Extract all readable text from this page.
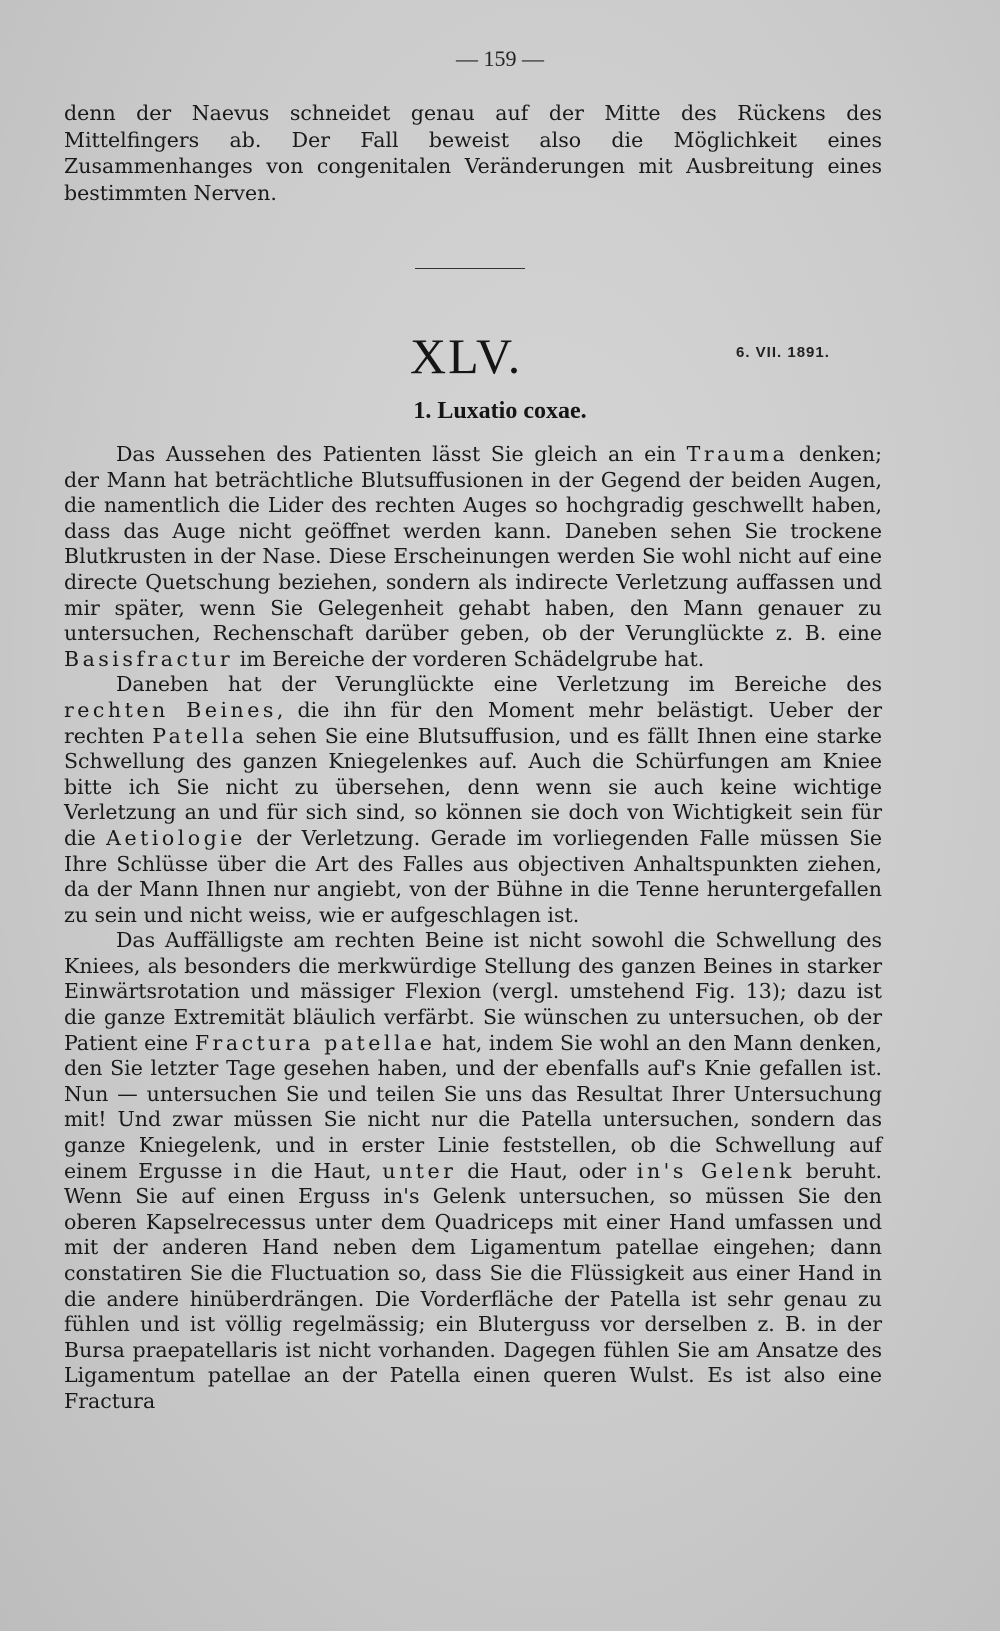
— 159 —

denn der Naevus schneidet genau auf der Mitte des Rückens des Mittelfingers ab. Der Fall beweist also die Möglichkeit eines Zusammenhanges von congenitalen Veränderungen mit Ausbreitung eines bestimmten Nerven.

XLV.	6. VII. 1891.
1. Luxatio coxae.

Das Aussehen des Patienten lässt Sie gleich an ein Trauma denken; der Mann hat beträchtliche Blutsuffusionen in der Gegend der beiden Augen, die namentlich die Lider des rechten Auges so hochgradig geschwellt haben, dass das Auge nicht geöffnet werden kann. Daneben sehen Sie trockene Blutkrusten in der Nase. Diese Erscheinungen werden Sie wohl nicht auf eine directe Quetschung beziehen, sondern als indirecte Verletzung auffassen und mir später, wenn Sie Gelegenheit gehabt haben, den Mann genauer zu untersuchen, Rechenschaft darüber geben, ob der Verunglückte z. B. eine Basisfractur im Bereiche der vorderen Schädelgrube hat.

Daneben hat der Verunglückte eine Verletzung im Bereiche des rechten Beines, die ihn für den Moment mehr belästigt. Ueber der rechten Patella sehen Sie eine Blutsuffusion, und es fällt Ihnen eine starke Schwellung des ganzen Kniegelenkes auf. Auch die Schürfungen am Kniee bitte ich Sie nicht zu übersehen, denn wenn sie auch keine wichtige Verletzung an und für sich sind, so können sie doch von Wichtigkeit sein für die Aetiologie der Verletzung. Gerade im vorliegenden Falle müssen Sie Ihre Schlüsse über die Art des Falles aus objectiven Anhaltspunkten ziehen, da der Mann Ihnen nur angiebt, von der Bühne in die Tenne heruntergefallen zu sein und nicht weiss, wie er aufgeschlagen ist.

Das Auffälligste am rechten Beine ist nicht sowohl die Schwellung des Kniees, als besonders die merkwürdige Stellung des ganzen Beines in starker Einwärtsrotation und mässiger Flexion (vergl. umstehend Fig. 13); dazu ist die ganze Extremität bläulich verfärbt. Sie wünschen zu untersuchen, ob der Patient eine Fractura patellae hat, indem Sie wohl an den Mann denken, den Sie letzter Tage gesehen haben, und der ebenfalls auf's Knie gefallen ist. Nun — untersuchen Sie und teilen Sie uns das Resultat Ihrer Untersuchung mit! Und zwar müssen Sie nicht nur die Patella untersuchen, sondern das ganze Kniegelenk, und in erster Linie feststellen, ob die Schwellung auf einem Ergusse in die Haut, unter die Haut, oder in's Gelenk beruht. Wenn Sie auf einen Erguss in's Gelenk untersuchen, so müssen Sie den oberen Kapselrecessus unter dem Quadriceps mit einer Hand umfassen und mit der anderen Hand neben dem Ligamentum patellae eingehen; dann constatiren Sie die Fluctuation so, dass Sie die Flüssigkeit aus einer Hand in die andere hinüberdrängen. Die Vorderfläche der Patella ist sehr genau zu fühlen und ist völlig regelmässig; ein Bluterguss vor derselben z. B. in der Bursa praepatellaris ist nicht vorhanden. Dagegen fühlen Sie am Ansatze des Ligamentum patellae an der Patella einen queren Wulst. Es ist also eine Fractura
